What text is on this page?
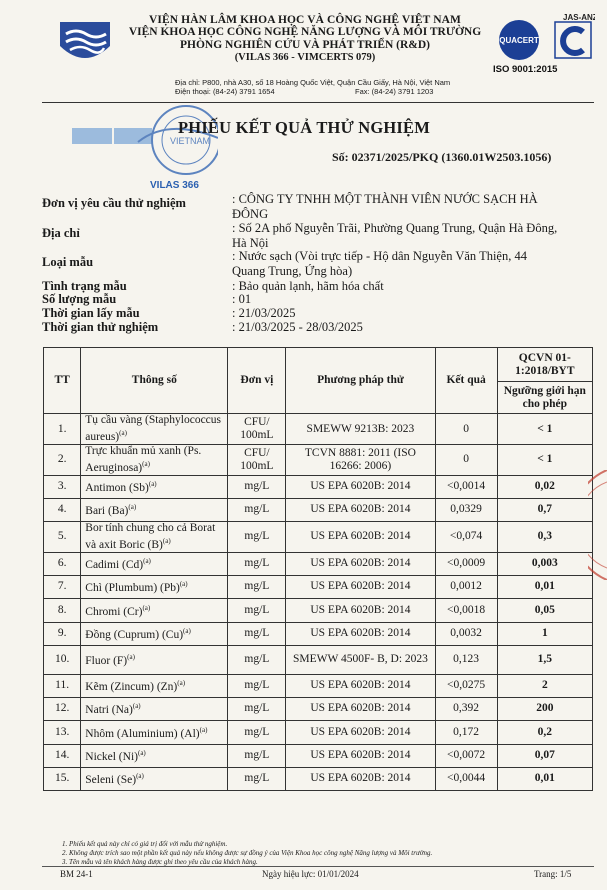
VIỆN HÀN LÂM KHOA HỌC VÀ CÔNG NGHỆ VIỆT NAM
VIỆN KHOA HỌC CÔNG NGHỆ NĂNG LƯỢNG VÀ MÔI TRƯỜNG
PHÒNG NGHIÊN CỨU VÀ PHÁT TRIỂN (R&D)
(VILAS 366 - VIMCERTS 079)
Địa chỉ: P800, nhà A30, số 18 Hoàng Quốc Việt, Quận Cầu Giấy, Hà Nội, Việt Nam
Điện thoại: (84-24) 3791 1654	Fax: (84-24) 3791 1203
JAS-ANZ
QUACERT
ISO 9001:2015
VIETNAM
VILAS 366
PHIẾU KẾT QUẢ THỬ NGHIỆM
Số: 02371/2025/PKQ (1360.01W2503.1056)
Đơn vị yêu cầu thử nghiệm	: CÔNG TY TNHH MỘT THÀNH VIÊN NƯỚC SẠCH HÀ
ĐÔNG
Địa chỉ	: Số 2A phố Nguyễn Trãi, Phường Quang Trung, Quận Hà Đông,
Hà Nội
Loại mẫu	: Nước sạch (Vòi trực tiếp - Hộ dân Nguyễn Văn Thiện, 44
Quang Trung, Ứng hòa)
Tình trạng mẫu	: Bảo quản lạnh, hãm hóa chất
Số lượng mẫu	: 01
Thời gian lấy mẫu	: 21/03/2025
Thời gian thử nghiệm	: 21/03/2025 - 28/03/2025
TT	Thông số	Đơn vị	Phương pháp thử	Kết quả	QCVN 01-1:2018/BYT
					Ngưỡng giới hạn cho phép
1.	Tụ cầu vàng (Staphylococcus aureus)$^{(a)}$	CFU/ 100mL	SMEWW 9213B: 2023	0	< 1
2.	Trực khuẩn mủ xanh (Ps. Aeruginosa)$^{(a)}$	CFU/ 100mL	TCVN 8881: 2011 (ISO 16266: 2006)	0	< 1
3.	Antimon $(Sb)^{(a)}$	mg/L	US EPA 6020B: 2014	<0,0014	0,02
4.	Bari $(Ba)^{(a)}$	mg/L	US EPA 6020B: 2014	0,0329	0,7
5.	Bor tính chung cho cả Borat và axit Boric $(B)^{(a)}$	mg/L	US EPA 6020B: 2014	<0,074	0,3
6.	Cadimi $(Cd)^{(a)}$	mg/L	US EPA 6020B: 2014	<0,0009	0,003
7.	Chì (Plumbum) $(Pb)^{(a)}$	mg/L	US EPA 6020B: 2014	0,0012	0,01
8.	Chromi $(Cr)^{(a)}$	mg/L	US EPA 6020B: 2014	<0,0018	0,05
9.	Đồng (Cuprum) $(Cu)^{(a)}$	mg/L	US EPA 6020B: 2014	0,0032	1
10.	Fluor $(F)^{(a)}$	mg/L	SMEWW 4500F- B, D: 2023	0,123	1,5
11.	Kẽm (Zincum) $(Zn)^{(a)}$	mg/L	US EPA 6020B: 2014	<0,0275	2
12.	Natri $(Na)^{(a)}$	mg/L	US EPA 6020B: 2014	0,392	200
13.	Nhôm (Aluminium) $(Al)^{(a)}$	mg/L	US EPA 6020B: 2014	0,172	0,2
14.	Nickel $(Ni)^{(a)}$	mg/L	US EPA 6020B: 2014	<0,0072	0,07
15.	Seleni $(Se)^{(a)}$	mg/L	US EPA 6020B: 2014	<0,0044	0,01
1. Phiếu kết quả này chỉ có giá trị đối với mẫu thử nghiệm.
2. Không được trích sao một phần kết quả này nếu không được sự đồng ý của Viện Khoa học công nghệ Năng lượng và Môi trường.
3. Tên mẫu và tên khách hàng được ghi theo yêu cầu của khách hàng.
BM 24-1	Ngày hiệu lực: 01/01/2024	Trang: 1/5
